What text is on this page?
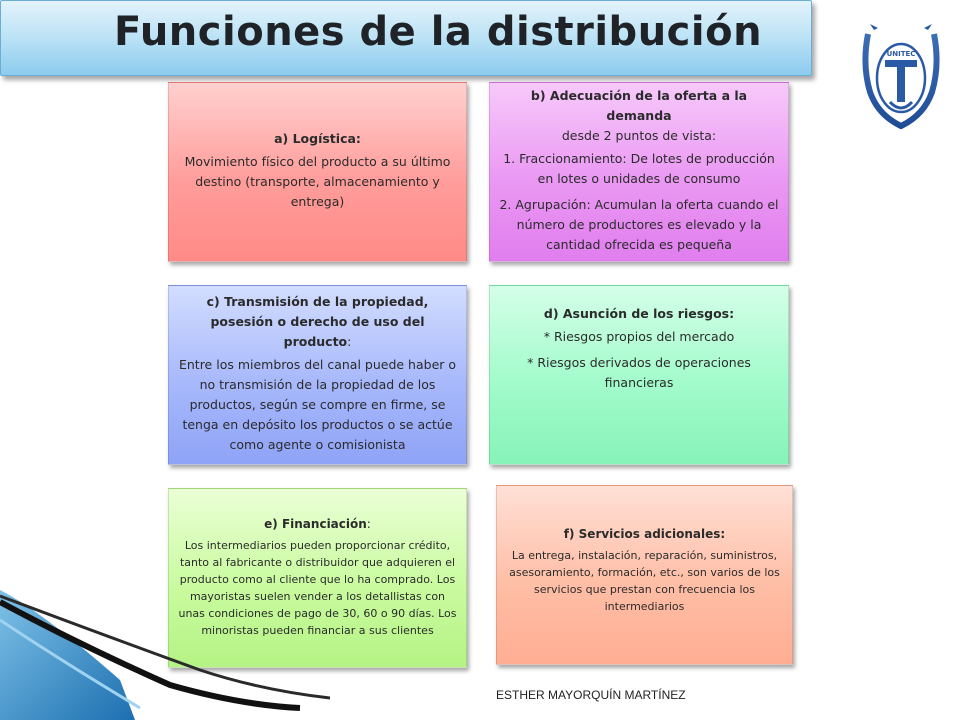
Funciones de la distribución	UNITEC
a) Logística:

Movimiento físico del producto a su último destino (transporte, almacenamiento y entrega)

b) Adecuación de la oferta a la demanda

desde 2 puntos de vista:

1. Fraccionamiento: De lotes de producción en lotes o unidades de consumo

2. Agrupación: Acumulan la oferta cuando el número de productores es elevado y la cantidad ofrecida es pequeña

c) Transmisión de la propiedad, posesión o derecho de uso del producto:

Entre los miembros del canal puede haber o no transmisión de la propiedad de los productos, según se compre en firme, se tenga en depósito los productos o se actúe como agente o comisionista

d) Asunción de los riesgos:

* Riesgos propios del mercado

* Riesgos derivados de operaciones financieras

e) Financiación:

Los intermediarios pueden proporcionar crédito, tanto al fabricante o distribuidor que adquieren el producto como al cliente que lo ha comprado. Los mayoristas suelen vender a los detallistas con unas condiciones de pago de 30, 60 o 90 días. Los minoristas pueden financiar a sus clientes

f) Servicios adicionales:

La entrega, instalación, reparación, suministros, asesoramiento, formación, etc., son varios de los servicios que prestan con frecuencia los intermediarios

ESTHER MAYORQUÍN MARTÍNEZ
